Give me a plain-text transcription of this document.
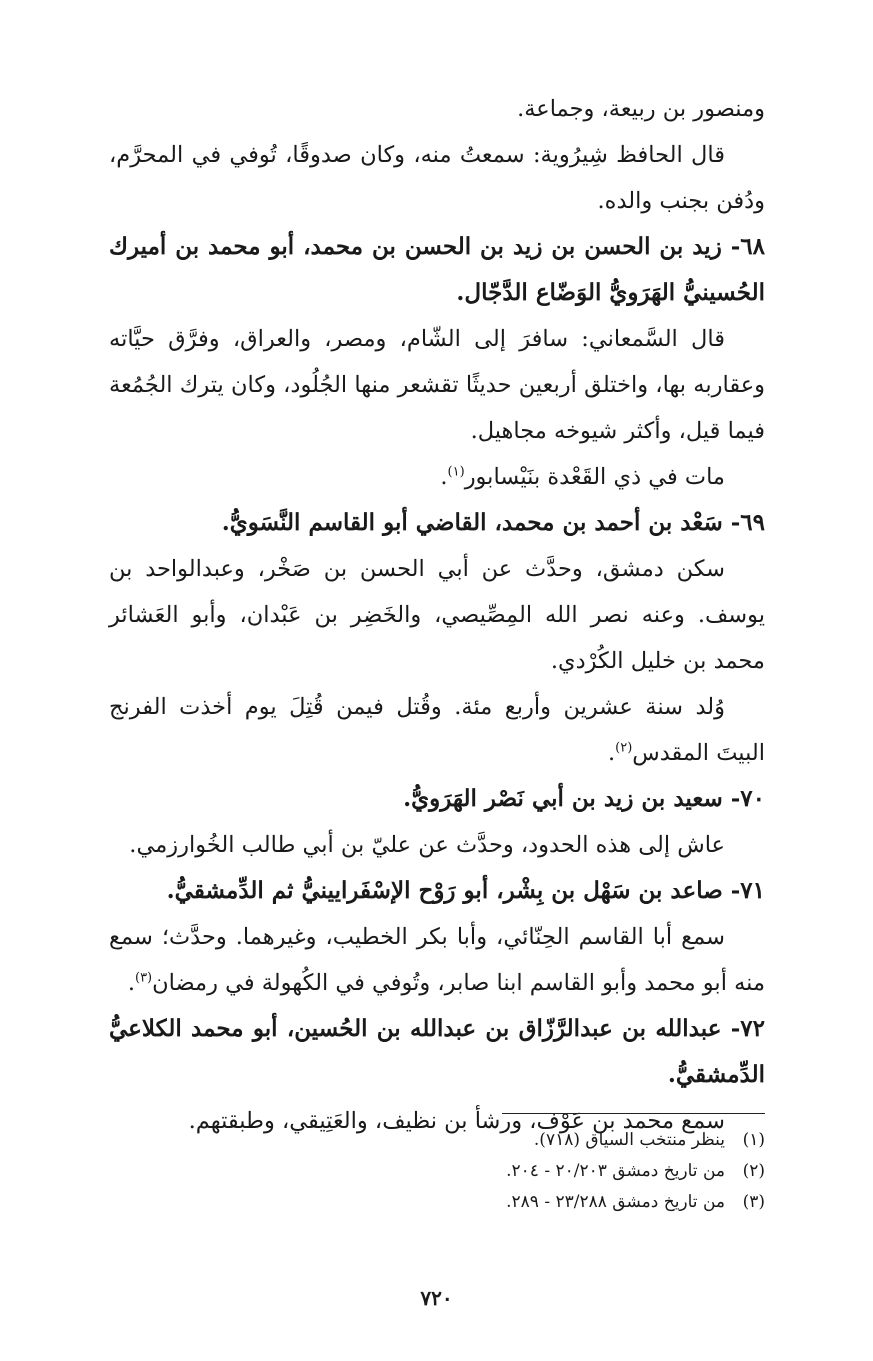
ومنصور بن ربيعة، وجماعة.

قال الحافظ شِيرُوية: سمعتُ منه، وكان صدوقًا، تُوفي في المحرَّم، ودُفن بجنب والده.

٦٨- زيد بن الحسن بن زيد بن الحسن بن محمد، أبو محمد بن أميرك الحُسينيُّ الهَرَويُّ الوَضّاع الدَّجّال.

قال السَّمعاني: سافرَ إلى الشّام، ومصر، والعراق، وفرَّق حيَّاته وعقاربه بها، واختلق أربعين حديثًا تقشعر منها الجُلُود، وكان يترك الجُمُعة فيما قيل، وأكثر شيوخه مجاهيل.

مات في ذي القَعْدة بنَيْسابور$^{(١)}$.

٦٩- سَعْد بن أحمد بن محمد، القاضي أبو القاسم النَّسَويُّ.

سكن دمشق، وحدَّث عن أبي الحسن بن صَخْر، وعبدالواحد بن يوسف. وعنه نصر الله المِصِّيصي، والخَضِر بن عَبْدان، وأبو العَشائر محمد بن خليل الكُرْدي.

وُلد سنة عشرين وأربع مئة. وقُتل فيمن قُتِلَ يوم أخذت الفرنج البيتَ المقدس$^{(٢)}$.

٧٠- سعيد بن زيد بن أبي نَصْر الهَرَويُّ.

عاش إلى هذه الحدود، وحدَّث عن عليّ بن أبي طالب الخُوارزمي.

٧١- صاعد بن سَهْل بن بِشْر، أبو رَوْح الإسْفَرايينيُّ ثم الدِّمشقيُّ.

سمع أبا القاسم الحِنّائي، وأبا بكر الخطيب، وغيرهما. وحدَّث؛ سمع منه أبو محمد وأبو القاسم ابنا صابر، وتُوفي في الكُهولة في رمضان$^{(٣)}$.

٧٢- عبدالله بن عبدالرَّزّاق بن عبدالله بن الحُسين، أبو محمد الكلاعيُّ الدِّمشقيُّ.

سمع محمد بن عَوْف، ورشأ بن نظيف، والعَتِيقي، وطبقتهم.

(١)ينظر منتخب السياق (٧١٨).

(٢)من تاريخ دمشق ٢٠/٢٠٣ - ٢٠٤.

(٣)من تاريخ دمشق ٢٣/٢٨٨ - ٢٨٩.

٧٢٠
